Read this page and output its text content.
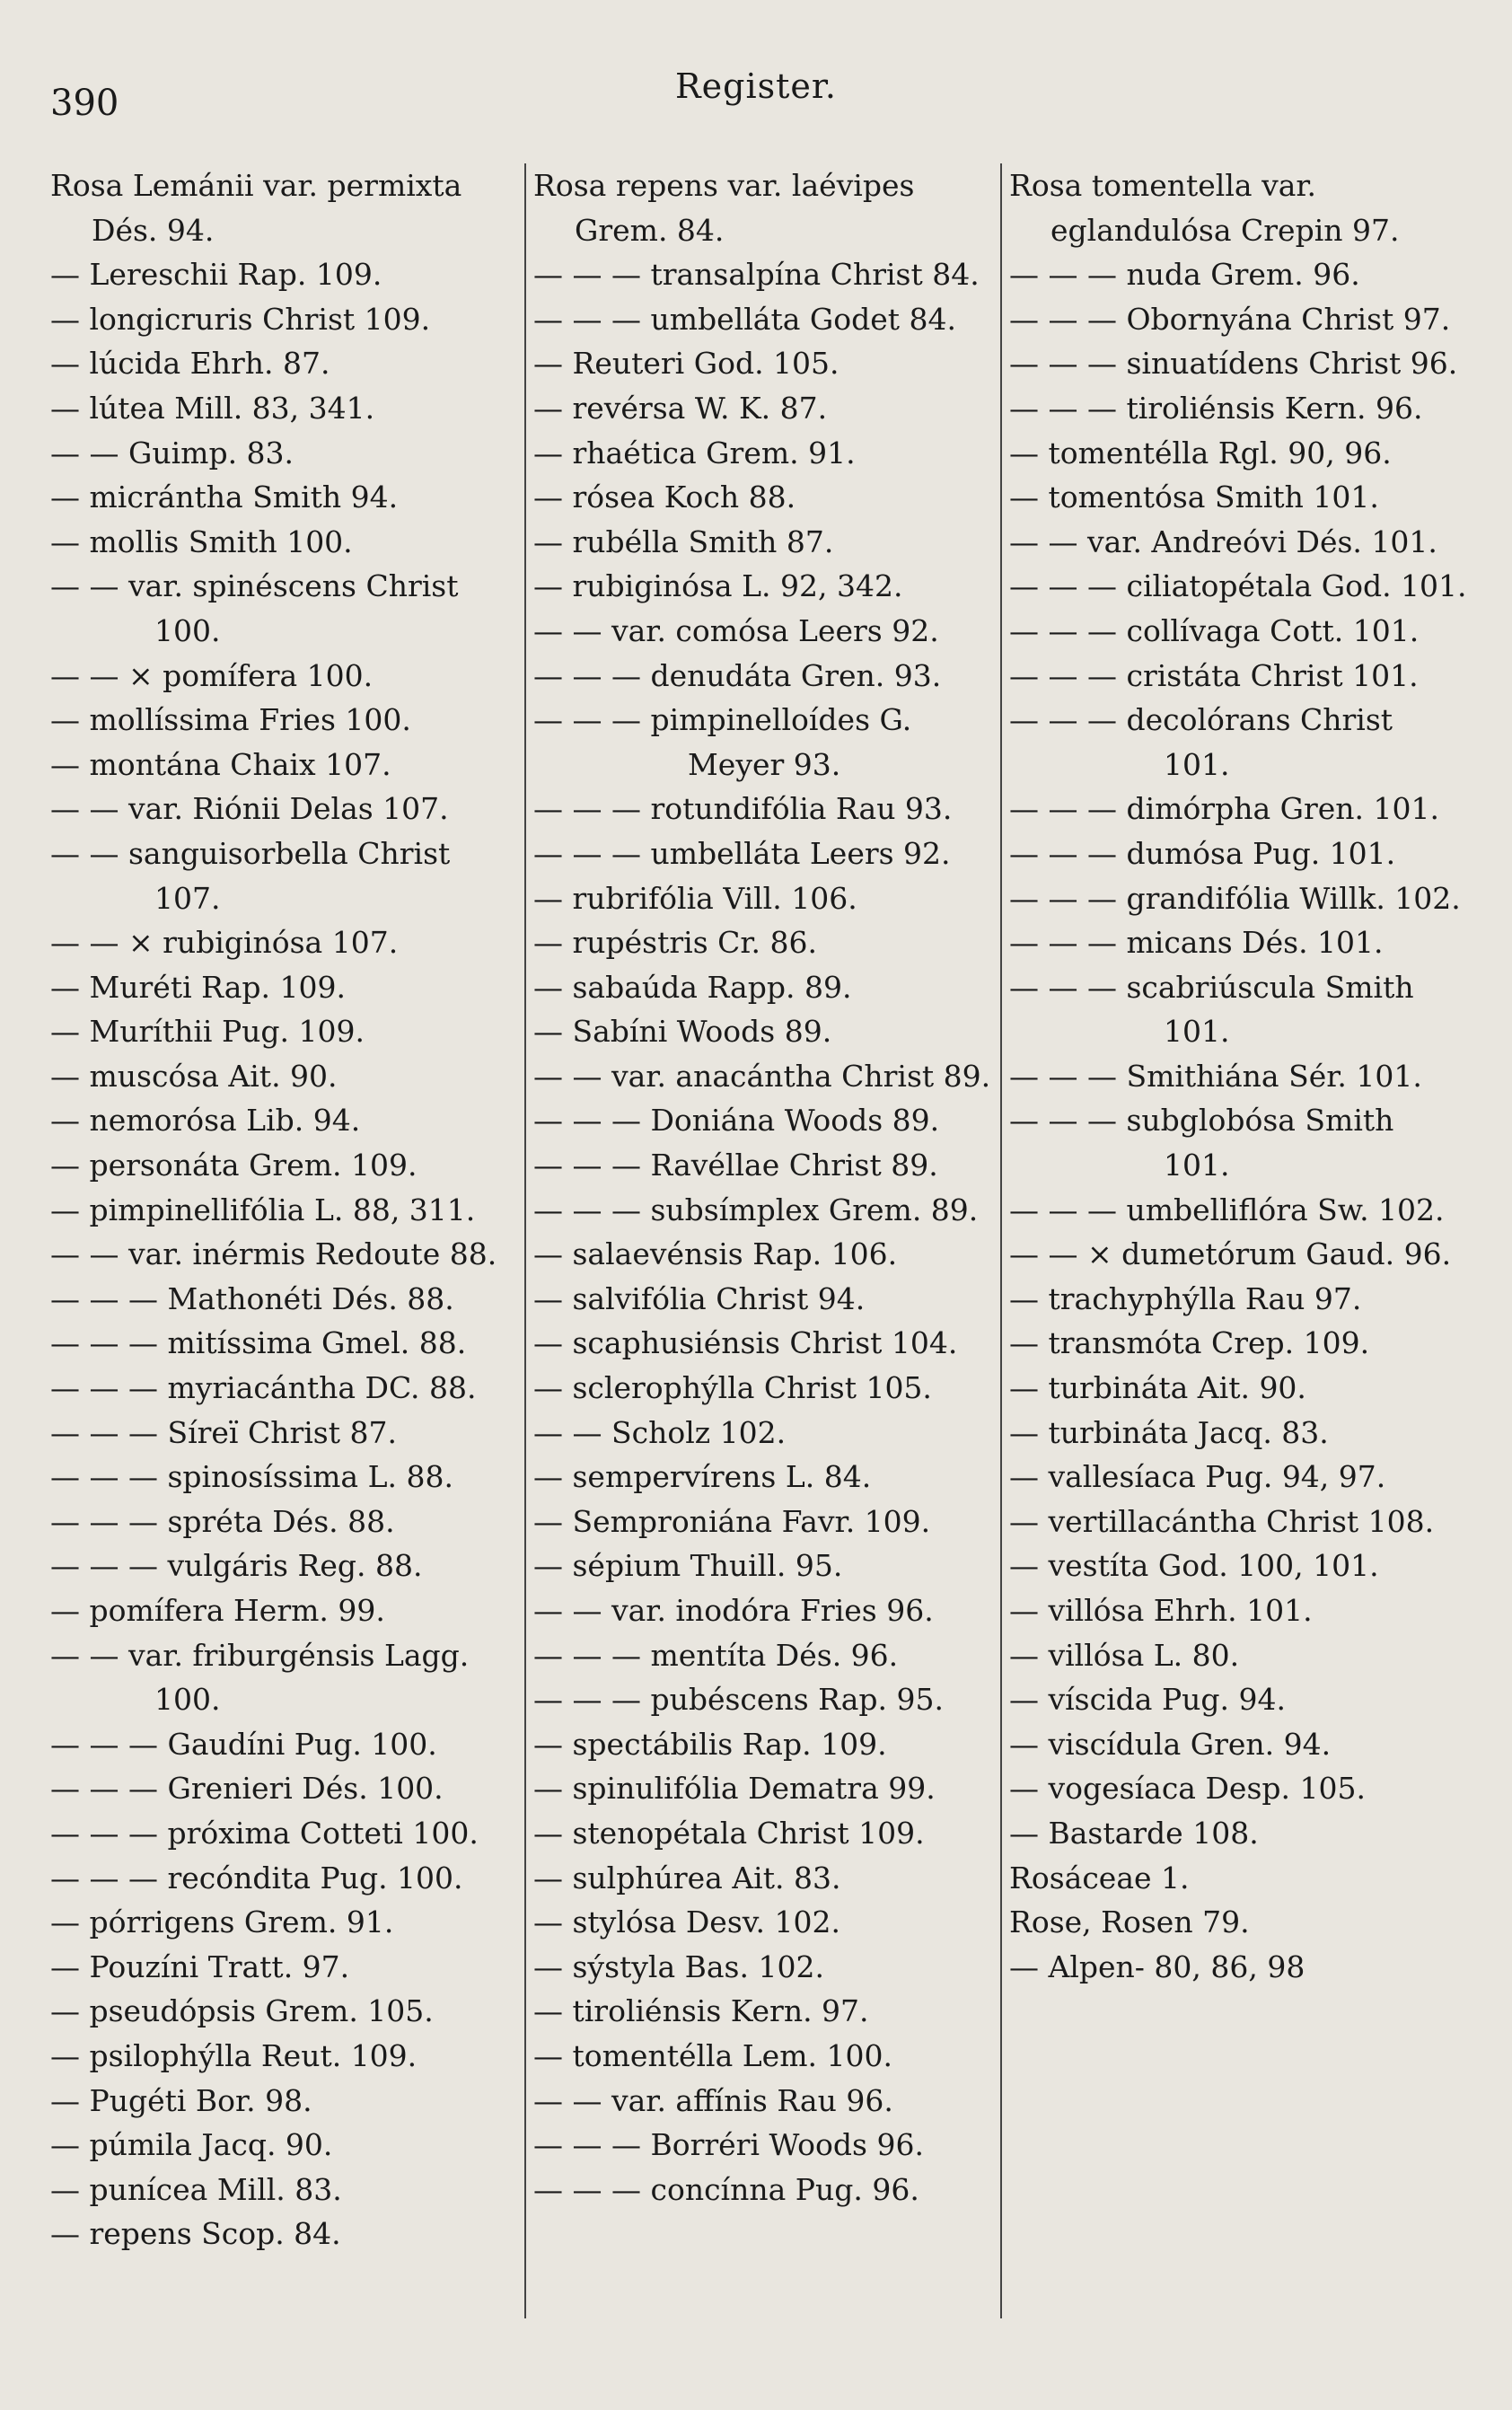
390	Register.

Rosa Lemánii var. permixta Dés. 94.

— Lereschii Rap. 109.

— longicruris Christ 109.

— lúcida Ehrh. 87.

— lútea Mill. 83, 341.

— — Guimp. 83.

— micrántha Smith 94.

— mollis Smith 100.

— — var. spinéscens Christ 100.

— — × pomífera 100.

— mollíssima Fries 100.

— montána Chaix 107.

— — var. Riónii Delas 107.

— — sanguisorbella Christ 107.

— — × rubiginósa 107.

— Muréti Rap. 109.

— Muríthii Pug. 109.

— muscósa Ait. 90.

— nemorósa Lib. 94.

— personáta Grem. 109.

— pimpinellifólia L. 88, 311.

— — var. inérmis Redoute 88.

— — — Mathonéti Dés. 88.

— — — mitíssima Gmel. 88.

— — — myriacántha DC. 88.

— — — Síreï Christ 87.

— — — spinosíssima L. 88.

— — — spréta Dés. 88.

— — — vulgáris Reg. 88.

— pomífera Herm. 99.

— — var. friburgénsis Lagg. 100.

— — — Gaudíni Pug. 100.

— — — Grenieri Dés. 100.

— — — próxima Cotteti 100.

— — — recóndita Pug. 100.

— pórrigens Grem. 91.

— Pouzíni Tratt. 97.

— pseudópsis Grem. 105.

— psilophýlla Reut. 109.

— Pugéti Bor. 98.

— púmila Jacq. 90.

— punícea Mill. 83.

— repens Scop. 84.

Rosa repens var. laévipes Grem. 84.

— — — transalpína Christ 84.

— — — umbelláta Godet 84.

— Reuteri God. 105.

— revérsa W. K. 87.

— rhaética Grem. 91.

— rósea Koch 88.

— rubélla Smith 87.

— rubiginósa L. 92, 342.

— — var. comósa Leers 92.

— — — denudáta Gren. 93.

— — — pimpinelloídes G. Meyer 93.

— — — rotundifólia Rau 93.

— — — umbelláta Leers 92.

— rubrifólia Vill. 106.

— rupéstris Cr. 86.

— sabaúda Rapp. 89.

— Sabíni Woods 89.

— — var. anacántha Christ 89.

— — — Doniána Woods 89.

— — — Ravéllae Christ 89.

— — — subsímplex Grem. 89.

— salaevénsis Rap. 106.

— salvifólia Christ 94.

— scaphusiénsis Christ 104.

— sclerophýlla Christ 105.

— — Scholz 102.

— sempervírens L. 84.

— Semproniána Favr. 109.

— sépium Thuill. 95.

— — var. inodóra Fries 96.

— — — mentíta Dés. 96.

— — — pubéscens Rap. 95.

— spectábilis Rap. 109.

— spinulifólia Dematra 99.

— stenopétala Christ 109.

— sulphúrea Ait. 83.

— stylósa Desv. 102.

— sýstyla Bas. 102.

— tiroliénsis Kern. 97.

— tomentélla Lem. 100.

— — var. affínis Rau 96.

— — — Borréri Woods 96.

— — — concínna Pug. 96.

Rosa tomentella var. eglandulósa Crepin 97.

— — — nuda Grem. 96.

— — — Obornyána Christ 97.

— — — sinuatídens Christ 96.

— — — tiroliénsis Kern. 96.

— tomentélla Rgl. 90, 96.

— tomentósa Smith 101.

— — var. Andreóvi Dés. 101.

— — — ciliatopétala God. 101.

— — — collívaga Cott. 101.

— — — cristáta Christ 101.

— — — decolórans Christ 101.

— — — dimórpha Gren. 101.

— — — dumósa Pug. 101.

— — — grandifólia Willk. 102.

— — — micans Dés. 101.

— — — scabriúscula Smith 101.

— — — Smithiána Sér. 101.

— — — subglobósa Smith 101.

— — — umbelliflóra Sw. 102.

— — × dumetórum Gaud. 96.

— trachyphýlla Rau 97.

— transmóta Crep. 109.

— turbináta Ait. 90.

— turbináta Jacq. 83.

— vallesíaca Pug. 94, 97.

— vertillacántha Christ 108.

— vestíta God. 100, 101.

— villósa Ehrh. 101.

— villósa L. 80.

— víscida Pug. 94.

— viscídula Gren. 94.

— vogesíaca Desp. 105.

— Bastarde 108.

Rosáceae 1.

Rose, Rosen 79.

— Alpen- 80, 86, 98
